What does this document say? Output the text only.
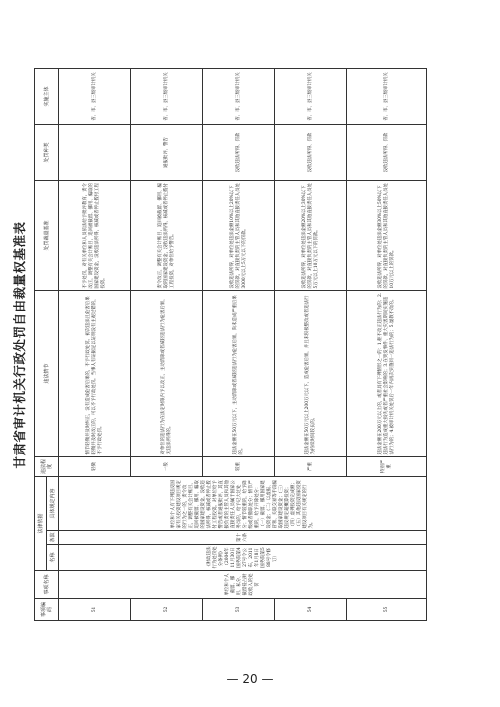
甘肃省审计机关行政处罚自由裁量权基准表
事项编码	事项名称	法律依据			违法程度	违法情节	处罚裁量基准	处罚种类	实施主体
		名称	条款	具体规定内容					
51	单位和个人截留、挪用、私分、截留侵占财政收入的处罚	《财政违法行为处罚处分条例》（2004年11月30日国务院第427号令公布，2011年1月8日国务院第588号令修订）	第十六条	单位和个人有下列违反国家有关投资建设项目规定的行为之一的，责令改正，调整有关会计账目，追回被截留、挪用、骗取的国家建设资金，没收违法所得，核减或者停止拨付工程投资。对单位给予警告或者通报批评，其直接负责的主管人员和其他直接责任人员属于国家公务员的，给予记大过处分；情节较重的，给予降级或者撤职处分；情节严重的，给予开除处分：（一）截留、挪用国家建设资金；（二）以虚报、冒领、关联交易等手段骗取国家建设资金；（三）违反规定超概算投资；（四）虚列投资完成额；（五）其他违反国家投资建设项目有关规定的行为。	轻微	情节轻微并及时纠正，没有造成危害后果的，不予行政处罚。初次违法且危害后果轻微并及时改正的，可以不予行政处罚。当事人有证据足以证明没有主观过错的，不予行政处罚。	不予处罚，对有关单位和人员依法给予批评教育，责令改正，调整有关会计账目，追回被截留、挪用、骗取的国家建设资金，没收违法所得，核减或者停止拨付工程投资。		省、市、县三级审计机关
52					一般	对单位的违法行为在法定时限内予以改正，主动消除或者减轻违法行为危害后果，无违法所得的。	责令改正，调整有关会计账目，追回被截留、挪用、骗取的国家建设资金，没收违法所得，核减或者停止拨付工程投资，对单位给予警告。	通报批评、警告	省、市、县三级审计机关
53					较重	违法金额在50万元以下，主动消除或者减轻违法行为危害后果，尚未造成严重后果的。	没收违法所得，对单位处违法金额10%以上20%以下的罚款，对直接负责的主管人员和其他直接责任人员处3000元以上5万元以下的罚款。	没收违法所得、罚款	省、市、县三级审计机关
54					严重	违法金额在50万元以上200万元以下，造成危害后果，并且未积极整改或者违法行为持续时间较长的。	没收违法所得，对单位处违法金额20%以上30%以下的罚款，对直接负责的主管人员和其他直接责任人员处5万元以上10万元以下的罚款。	没收违法所得、罚款	省、市、县三级审计机关
55					特别严重	违法金额在200万元以上的，或者具有下列情形之一的：1.拒不改正违法行为的；2.违法行为造成重大损失或者严重社会影响的；3.在突发事件、重大灾害期间实施违法行为的；4.被审计机关处罚后一年内再次实施同一违法行为的；5.屡教不改的。	没收违法所得，对单位处违法金额30%以上50%以下的罚款，对直接负责的主管人员和其他直接责任人员处10万元以上的罚款。	没收违法所得、罚款	省、市、县三级审计机关
— 20 —
